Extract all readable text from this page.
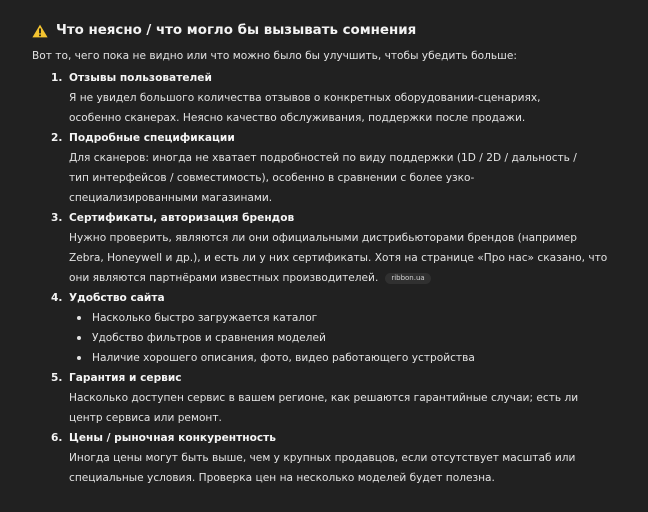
Что неясно / что могло бы вызывать сомнения
Вот то, чего пока не видно или что можно было бы улучшить, чтобы убедить больше:
1. Отзывы пользователей
Я не увидел большого количества отзывов о конкретных оборудовании-сценариях, особенно сканерах. Неясно качество обслуживания, поддержки после продажи.
2. Подробные спецификации
Для сканеров: иногда не хватает подробностей по виду поддержки (1D / 2D / дальность / тип интерфейсов / совместимость), особенно в сравнении с более узко-специализированными магазинами.
3. Сертификаты, авторизация брендов
Нужно проверить, являются ли они официальными дистрибьюторами брендов (например Zebra, Honeywell и др.), и есть ли у них сертификаты. Хотя на странице «Про нас» сказано, что они являются партнёрами известных производителей. ribbon.ua
4. Удобство сайта
Насколько быстро загружается каталог
Удобство фильтров и сравнения моделей
Наличие хорошего описания, фото, видео работающего устройства
5. Гарантия и сервис
Насколько доступен сервис в вашем регионе, как решаются гарантийные случаи; есть ли центр сервиса или ремонт.
6. Цены / рыночная конкурентность
Иногда цены могут быть выше, чем у крупных продавцов, если отсутствует масштаб или специальные условия. Проверка цен на несколько моделей будет полезна.
